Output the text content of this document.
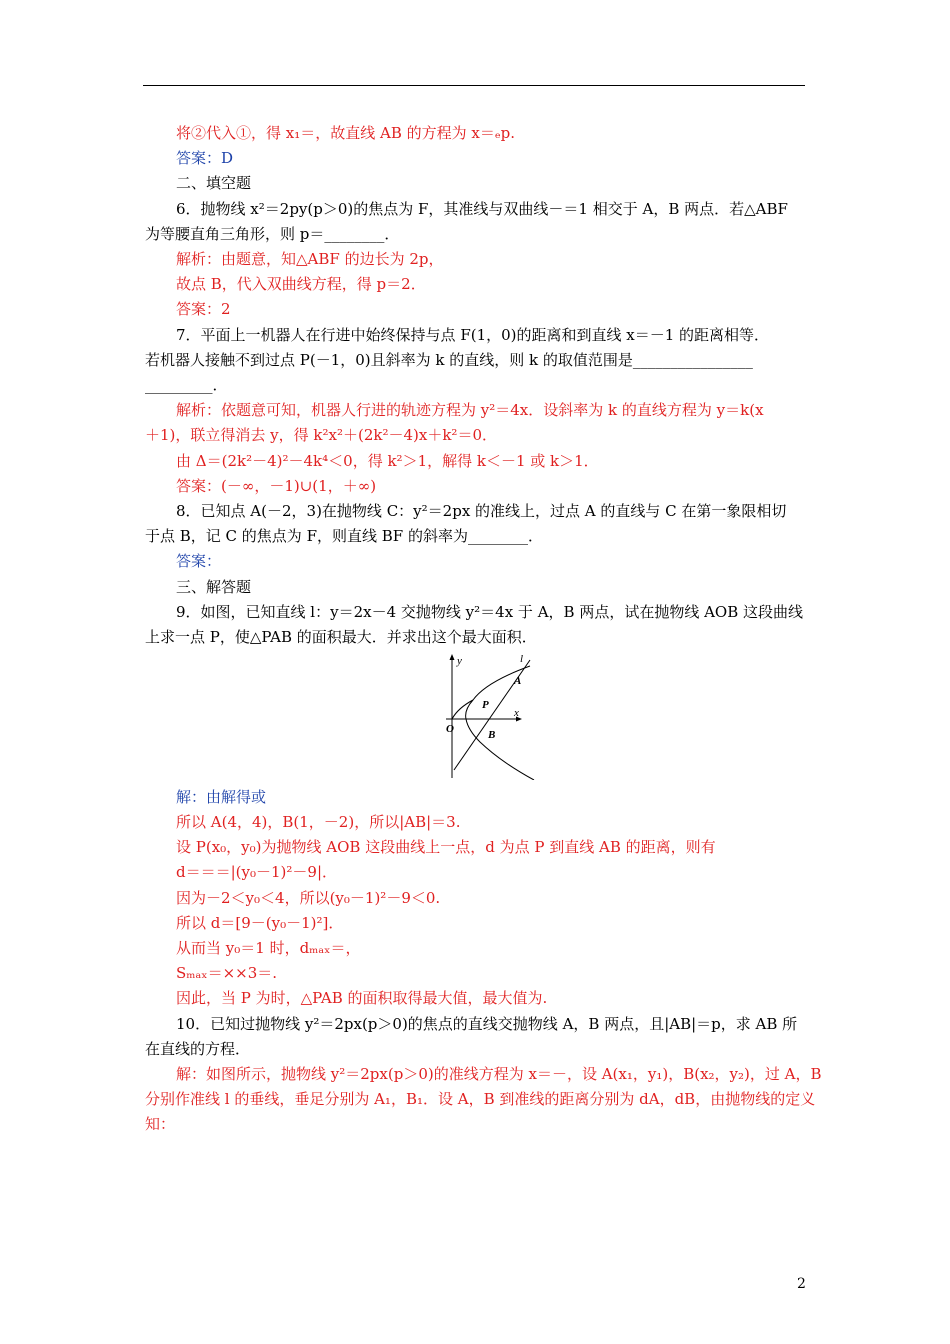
将②代入①，得 x₁＝，故直线 AB 的方程为 x＝ₑp.
答案：D
二、填空题
6．抛物线 x²＝2py(p＞0)的焦点为 F，其准线与双曲线－＝1 相交于 A，B 两点．若△ABF
为等腰直角三角形，则 p＝________．
解析：由题意，知△ABF 的边长为 2p，
故点 B，代入双曲线方程，得 p＝2．
答案：2
7．平面上一机器人在行进中始终保持与点 F(1，0)的距离和到直线 x＝－1 的距离相等．
若机器人接触不到过点 P(－1，0)且斜率为 k 的直线，则 k 的取值范围是________________
_________．
解析：依题意可知，机器人行进的轨迹方程为 y²＝4x．设斜率为 k 的直线方程为 y＝k(x
＋1)，联立得消去 y，得 k²x²＋(2k²－4)x＋k²＝0．
由 Δ＝(2k²－4)²－4k⁴＜0，得 k²＞1，解得 k＜－1 或 k＞1．
答案：(－∞，－1)∪(1，＋∞)
8．已知点 A(－2，3)在抛物线 C：y²＝2px 的准线上，过点 A 的直线与 C 在第一象限相切
于点 B，记 C 的焦点为 F，则直线 BF 的斜率为________．
答案：
三、解答题
9．如图，已知直线 l：y＝2x－4 交抛物线 y²＝4x 于 A，B 两点，试在抛物线 AOB 这段曲线
上求一点 P，使△PAB 的面积最大．并求出这个最大面积．
解：由解得或
所以 A(4，4)，B(1，－2)，所以|AB|＝3.
设 P(x₀，y₀)为抛物线 AOB 这段曲线上一点，d 为点 P 到直线 AB 的距离，则有
d＝＝＝|(y₀－1)²－9|．
因为－2＜y₀＜4，所以(y₀－1)²－9＜0.
所以 d＝[9－(y₀－1)²]．
从而当 y₀＝1 时，dₘₐₓ＝，
Sₘₐₓ＝××3＝.
因此，当 P 为时，△PAB 的面积取得最大值，最大值为.
10．已知过抛物线 y²＝2px(p＞0)的焦点的直线交抛物线 A，B 两点，且|AB|＝p，求 AB 所
在直线的方程．
解：如图所示，抛物线 y²＝2px(p＞0)的准线方程为 x＝－，设 A(x₁，y₁)，B(x₂，y₂)，过 A，B
分别作准线 l 的垂线，垂足分别为 A₁，B₁．设 A，B 到准线的距离分别为 dA，dB，由抛物线的定义
知：
y	l
A
P
x
O	B
2
